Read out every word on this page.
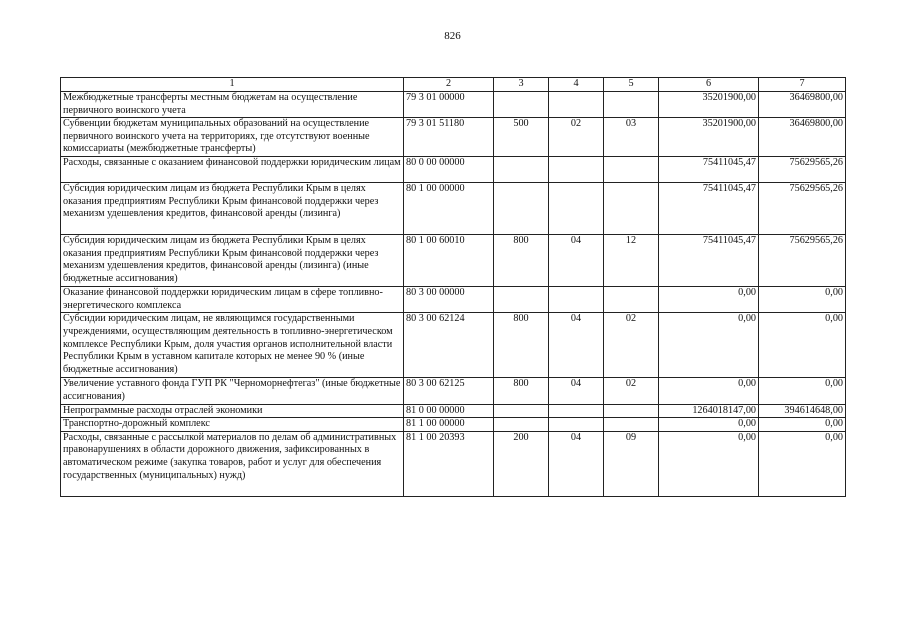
826
1	2	3	4	5	6	7
Межбюджетные трансферты местным бюджетам на осуществление первичного воинского учета	79 3 01 00000				35201900,00	36469800,00
Субвенции бюджетам муниципальных образований на осуществление первичного воинского учета на территориях, где отсутствуют военные комиссариаты (межбюджетные трансферты)	79 3 01 51180	500	02	03	35201900,00	36469800,00
Расходы, связанные с оказанием финансовой поддержки юридическим лицам	80 0 00 00000				75411045,47	75629565,26
Субсидия юридическим лицам из бюджета Республики Крым в целях оказания предприятиям Республики Крым финансовой поддержки через механизм удешевления кредитов, финансовой аренды (лизинга)	80 1 00 00000				75411045,47	75629565,26
Субсидия юридическим лицам из бюджета Республики Крым в целях оказания предприятиям Республики Крым финансовой поддержки через механизм удешевления кредитов, финансовой аренды (лизинга) (иные бюджетные ассигнования)	80 1 00 60010	800	04	12	75411045,47	75629565,26
Оказание финансовой поддержки юридическим лицам в сфере топливно-энергетического комплекса	80 3 00 00000				0,00	0,00
Субсидии юридическим лицам, не являющимся государственными учреждениями, осуществляющим деятельность в топливно-энергетическом комплексе Республики Крым, доля участия органов исполнительной власти Республики Крым в уставном капитале которых не менее 90 % (иные бюджетные ассигнования)	80 3 00 62124	800	04	02	0,00	0,00
Увеличение уставного фонда ГУП РК "Черноморнефтегаз" (иные бюджетные ассигнования)	80 3 00 62125	800	04	02	0,00	0,00
Непрограммные расходы отраслей экономики	81 0 00 00000				1264018147,00	394614648,00
Транспортно-дорожный комплекс	81 1 00 00000				0,00	0,00
Расходы, связанные с рассылкой материалов по делам об административных правонарушениях в области дорожного движения, зафиксированных в автоматическом режиме (закупка товаров, работ и услуг для обеспечения государственных (муниципальных) нужд)	81 1 00 20393	200	04	09	0,00	0,00
